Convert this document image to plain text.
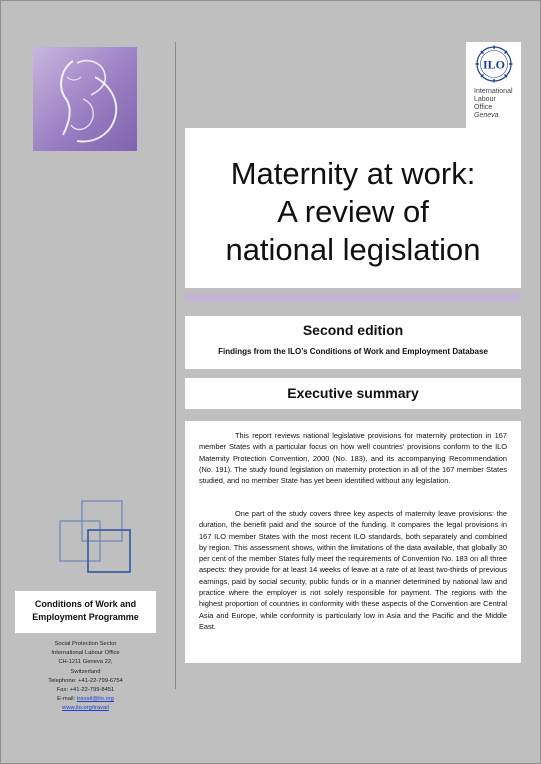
ILO
International
Labour
Office
Geneva
Maternity at work:
A review of
national legislation
Second edition
Findings from the ILO’s Conditions of Work and Employment Database
Executive summary

This report reviews national legislative provisions for maternity protection in 167 member States with a particular focus on how well countries’ provisions conform to the ILO Maternity Protection Convention, 2000 (No. 183), and its accompanying Recommendation (No. 191). The study found legislation on maternity protection in all of the 167 member States studied, and no member State has yet been identified without any legislation.

One part of the study covers three key aspects of maternity leave provisions: the duration, the benefit paid and the source of the funding. It compares the legal provisions in 167 ILO member States with the most recent ILO standards, both separately and combined by region. This assessment shows, within the limitations of the data available, that globally 30 per cent of the member States fully meet the requirements of Convention No. 183 on all three aspects: they provide for at least 14 weeks of leave at a rate of at least two-thirds of previous earnings, paid by social security, public funds or in a manner determined by national law and practice where the employer is not solely responsible for payment. The regions with the highest proportion of countries in conformity with these aspects of the Convention are Central Asia and Europe, while conformity is particularly low in Asia and the Pacific and the Middle East.

Conditions of Work and
Employment Programme
Social Protection Sector
International Labour Office
CH-1211 Geneva 22,
Switzerland
Telephone: +41-22-799-6754
Fax: +41-22-799-8451
E-mail: travail@ilo.org
www.ilo.org/travail
